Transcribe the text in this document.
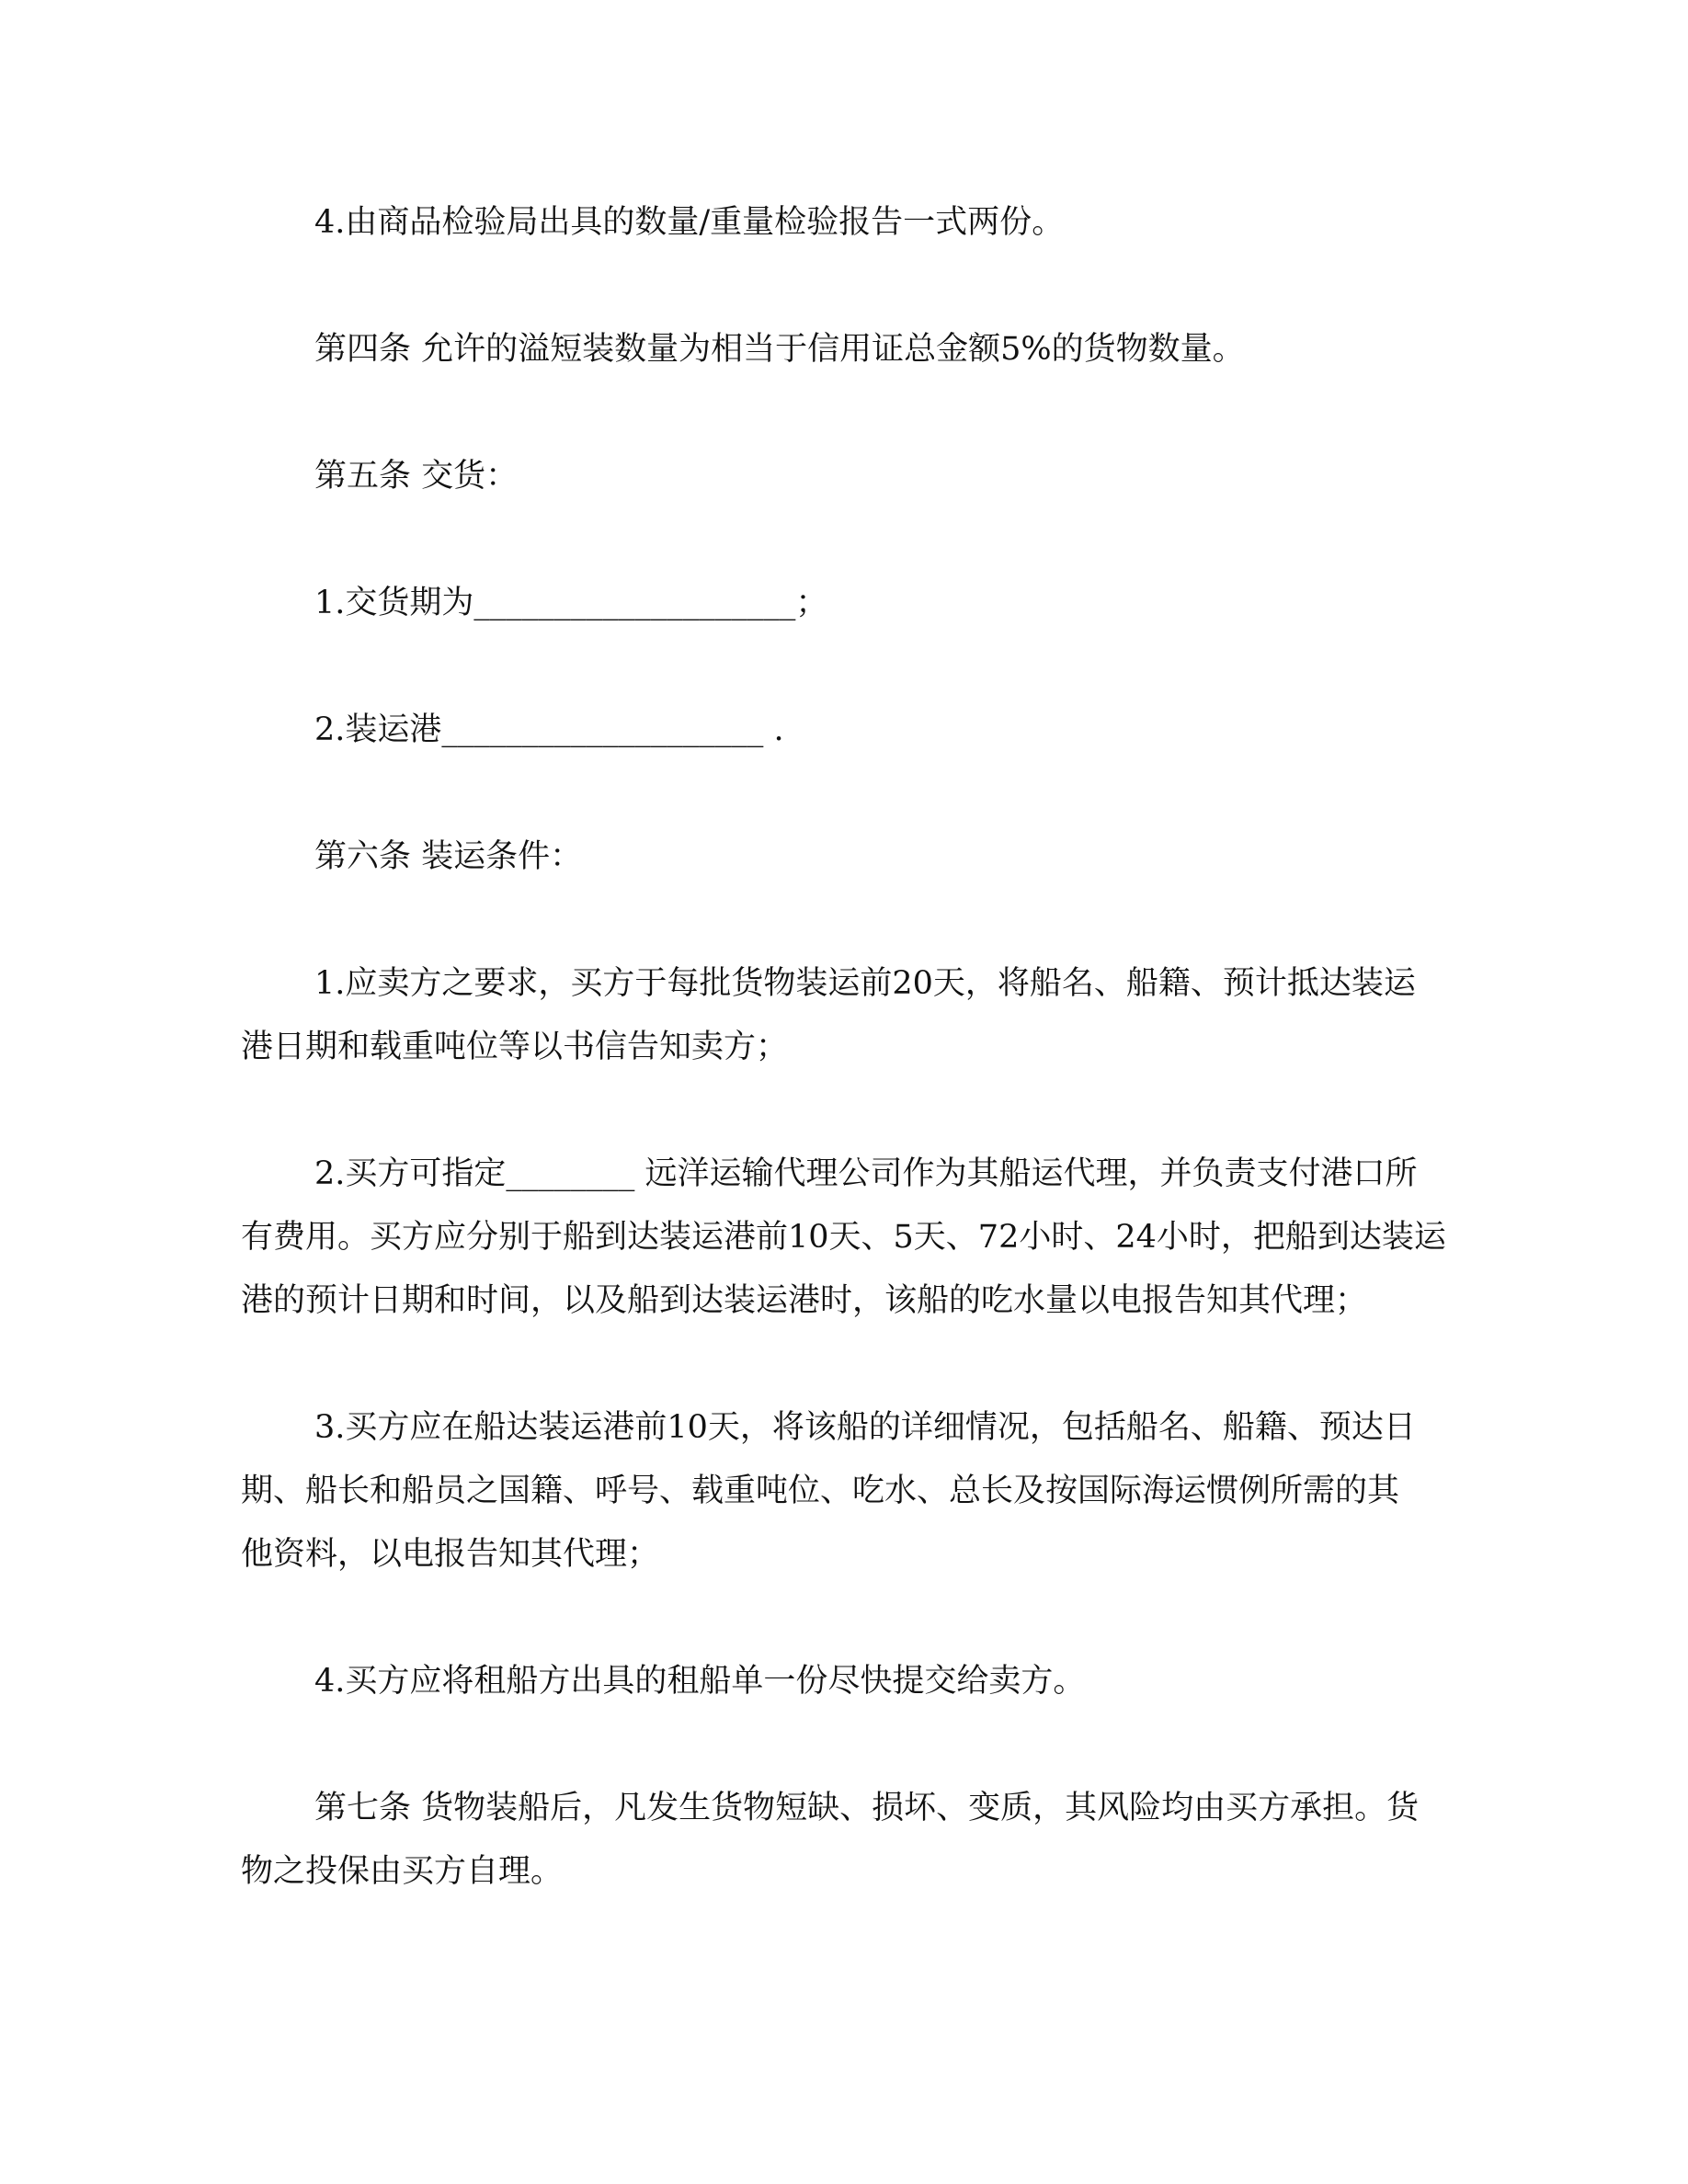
4.由商品检验局出具的数量/重量检验报告一式两份。

第四条 允许的溢短装数量为相当于信用证总金额5%的货物数量。

第五条 交货：

1.交货期为____________________；

2.装运港____________________ .

第六条 装运条件：

1.应卖方之要求，买方于每批货物装运前20天，将船名、船籍、预计抵达装运
港日期和载重吨位等以书信告知卖方；

2.买方可指定________ 远洋运输代理公司作为其船运代理，并负责支付港口所
有费用。买方应分别于船到达装运港前10天、5天、72小时、24小时，把船到达装运
港的预计日期和时间，以及船到达装运港时，该船的吃水量以电报告知其代理；

3.买方应在船达装运港前10天，将该船的详细情况，包括船名、船籍、预达日
期、船长和船员之国籍、呼号、载重吨位、吃水、总长及按国际海运惯例所需的其
他资料，以电报告知其代理；

4.买方应将租船方出具的租船单一份尽快提交给卖方。

第七条 货物装船后，凡发生货物短缺、损坏、变质，其风险均由买方承担。货
物之投保由买方自理。
